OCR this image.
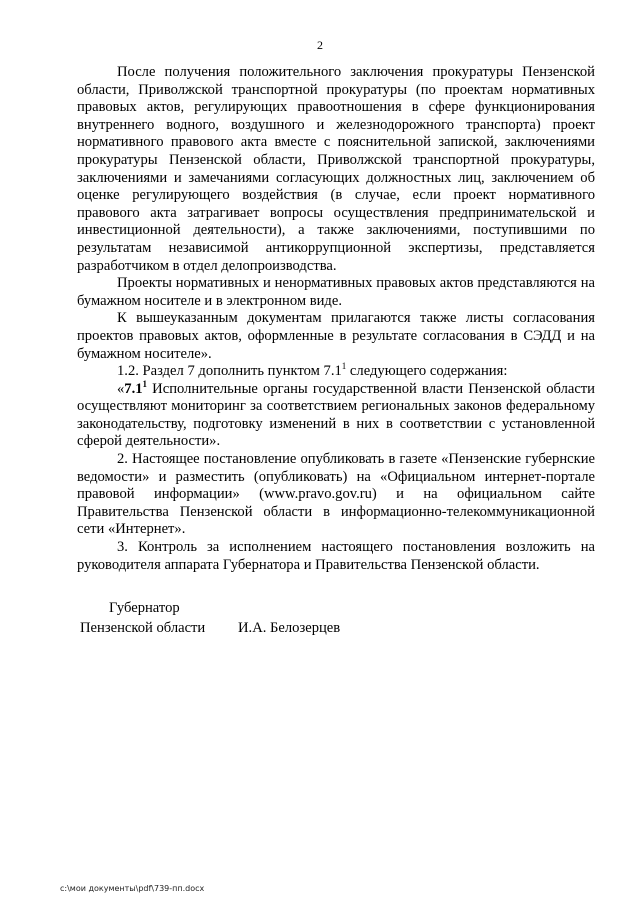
2

После получения положительного заключения прокуратуры Пензенской области, Приволжской транспортной прокуратуры (по проектам нормативных правовых актов, регулирующих правоотношения в сфере функционирования внутреннего водного, воздушного и железнодорожного транспорта) проект нормативного правового акта вместе с пояснительной запиской, заключениями прокуратуры Пензенской области, Приволжской транспортной прокуратуры, заключениями и замечаниями согласующих должностных лиц, заключением об оценке регулирующего воздействия (в случае, если проект нормативного правового акта затрагивает вопросы осуществления предпринимательской и инвестиционной деятельности), а также заключениями, поступившими по результатам независимой антикоррупционной экспертизы, представляется разработчиком в отдел делопроизводства.

Проекты нормативных и ненормативных правовых актов представляются на бумажном носителе и в электронном виде.

К вышеуказанным документам прилагаются также листы согласования проектов правовых актов, оформленные в результате согласования в СЭДД и на бумажном носителе».

1.2. Раздел 7 дополнить пунктом $7.1^1$ следующего содержания:

«$7.1^1$ Исполнительные органы государственной власти Пензенской области осуществляют мониторинг за соответствием региональных законов федеральному законодательству, подготовку изменений в них в соответствии с установленной сферой деятельности».

2. Настоящее постановление опубликовать в газете «Пензенские губернские ведомости» и разместить (опубликовать) на «Официальном интернет-портале правовой информации» (www.pravo.gov.ru) и на официальном сайте Правительства Пензенской области в информационно-телекоммуникационной сети «Интернет».

3. Контроль за исполнением настоящего постановления возложить на руководителя аппарата Губернатора и Правительства Пензенской области.

Губернатор
Пензенской области И.А. Белозерцев
c:\мои документы\pdf\739-пп.docx
